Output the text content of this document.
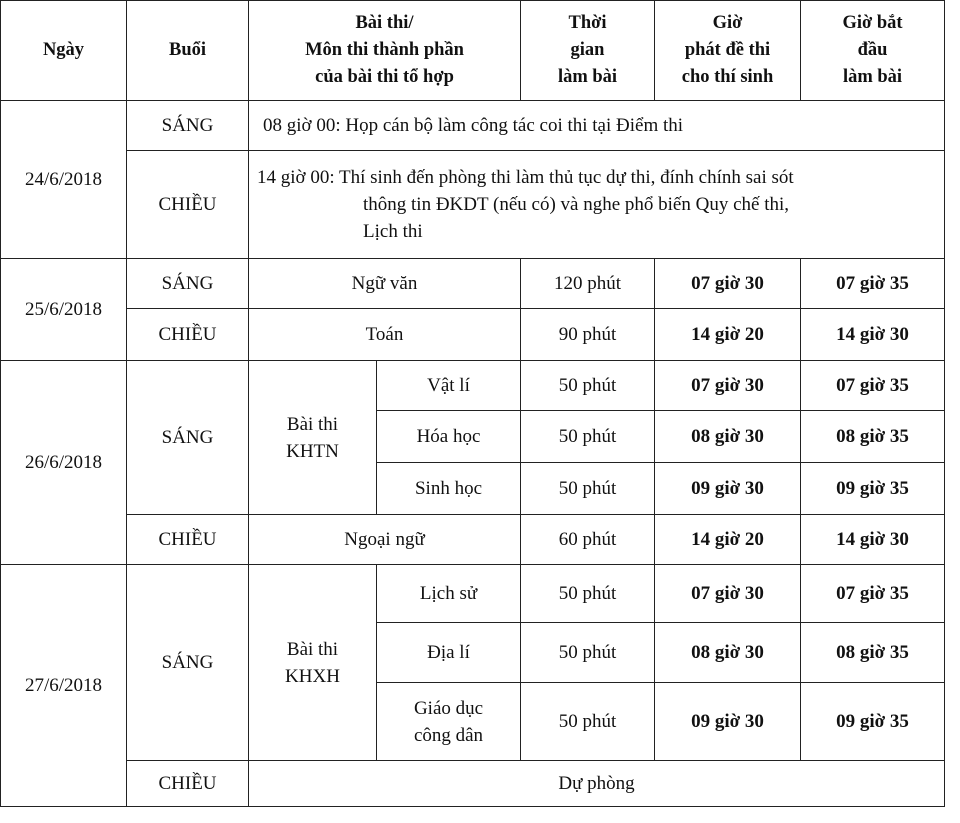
Ngày	Buổi	Bài thi/
Môn thi thành phần
của bài thi tổ hợp		Thời
gian
làm bài	Giờ
phát đề thi
cho thí sinh	Giờ bắt
đầu
làm bài

24/6/2018	SÁNG	08 giờ 00: Họp cán bộ làm công tác coi thi tại Điểm thi				
	CHIỀU	14 giờ 00: Thí sinh đến phòng thi làm thủ tục dự thi, đính chính sai sót
thông tin ĐKDT (nếu có) và nghe phổ biến Quy chế thi,
Lịch thi				

25/6/2018	SÁNG	Ngữ văn		120 phút	07 giờ 30	07 giờ 35
	CHIỀU	Toán		90 phút	14 giờ 20	14 giờ 30
26/6/2018	SÁNG	Bài thi
KHTN	Vật lí	50 phút	07 giờ 30	07 giờ 35
			Hóa học	50 phút	08 giờ 30	08 giờ 35
			Sinh học	50 phút	09 giờ 30	09 giờ 35
	CHIỀU	Ngoại ngữ		60 phút	14 giờ 20	14 giờ 30
27/6/2018	SÁNG	Bài thi
KHXH	Lịch sử	50 phút	07 giờ 30	07 giờ 35
			Địa lí	50 phút	08 giờ 30	08 giờ 35

			Giáo dục
công dân	50 phút	09 giờ 30	09 giờ 35
	CHIỀU	Dự phòng				
